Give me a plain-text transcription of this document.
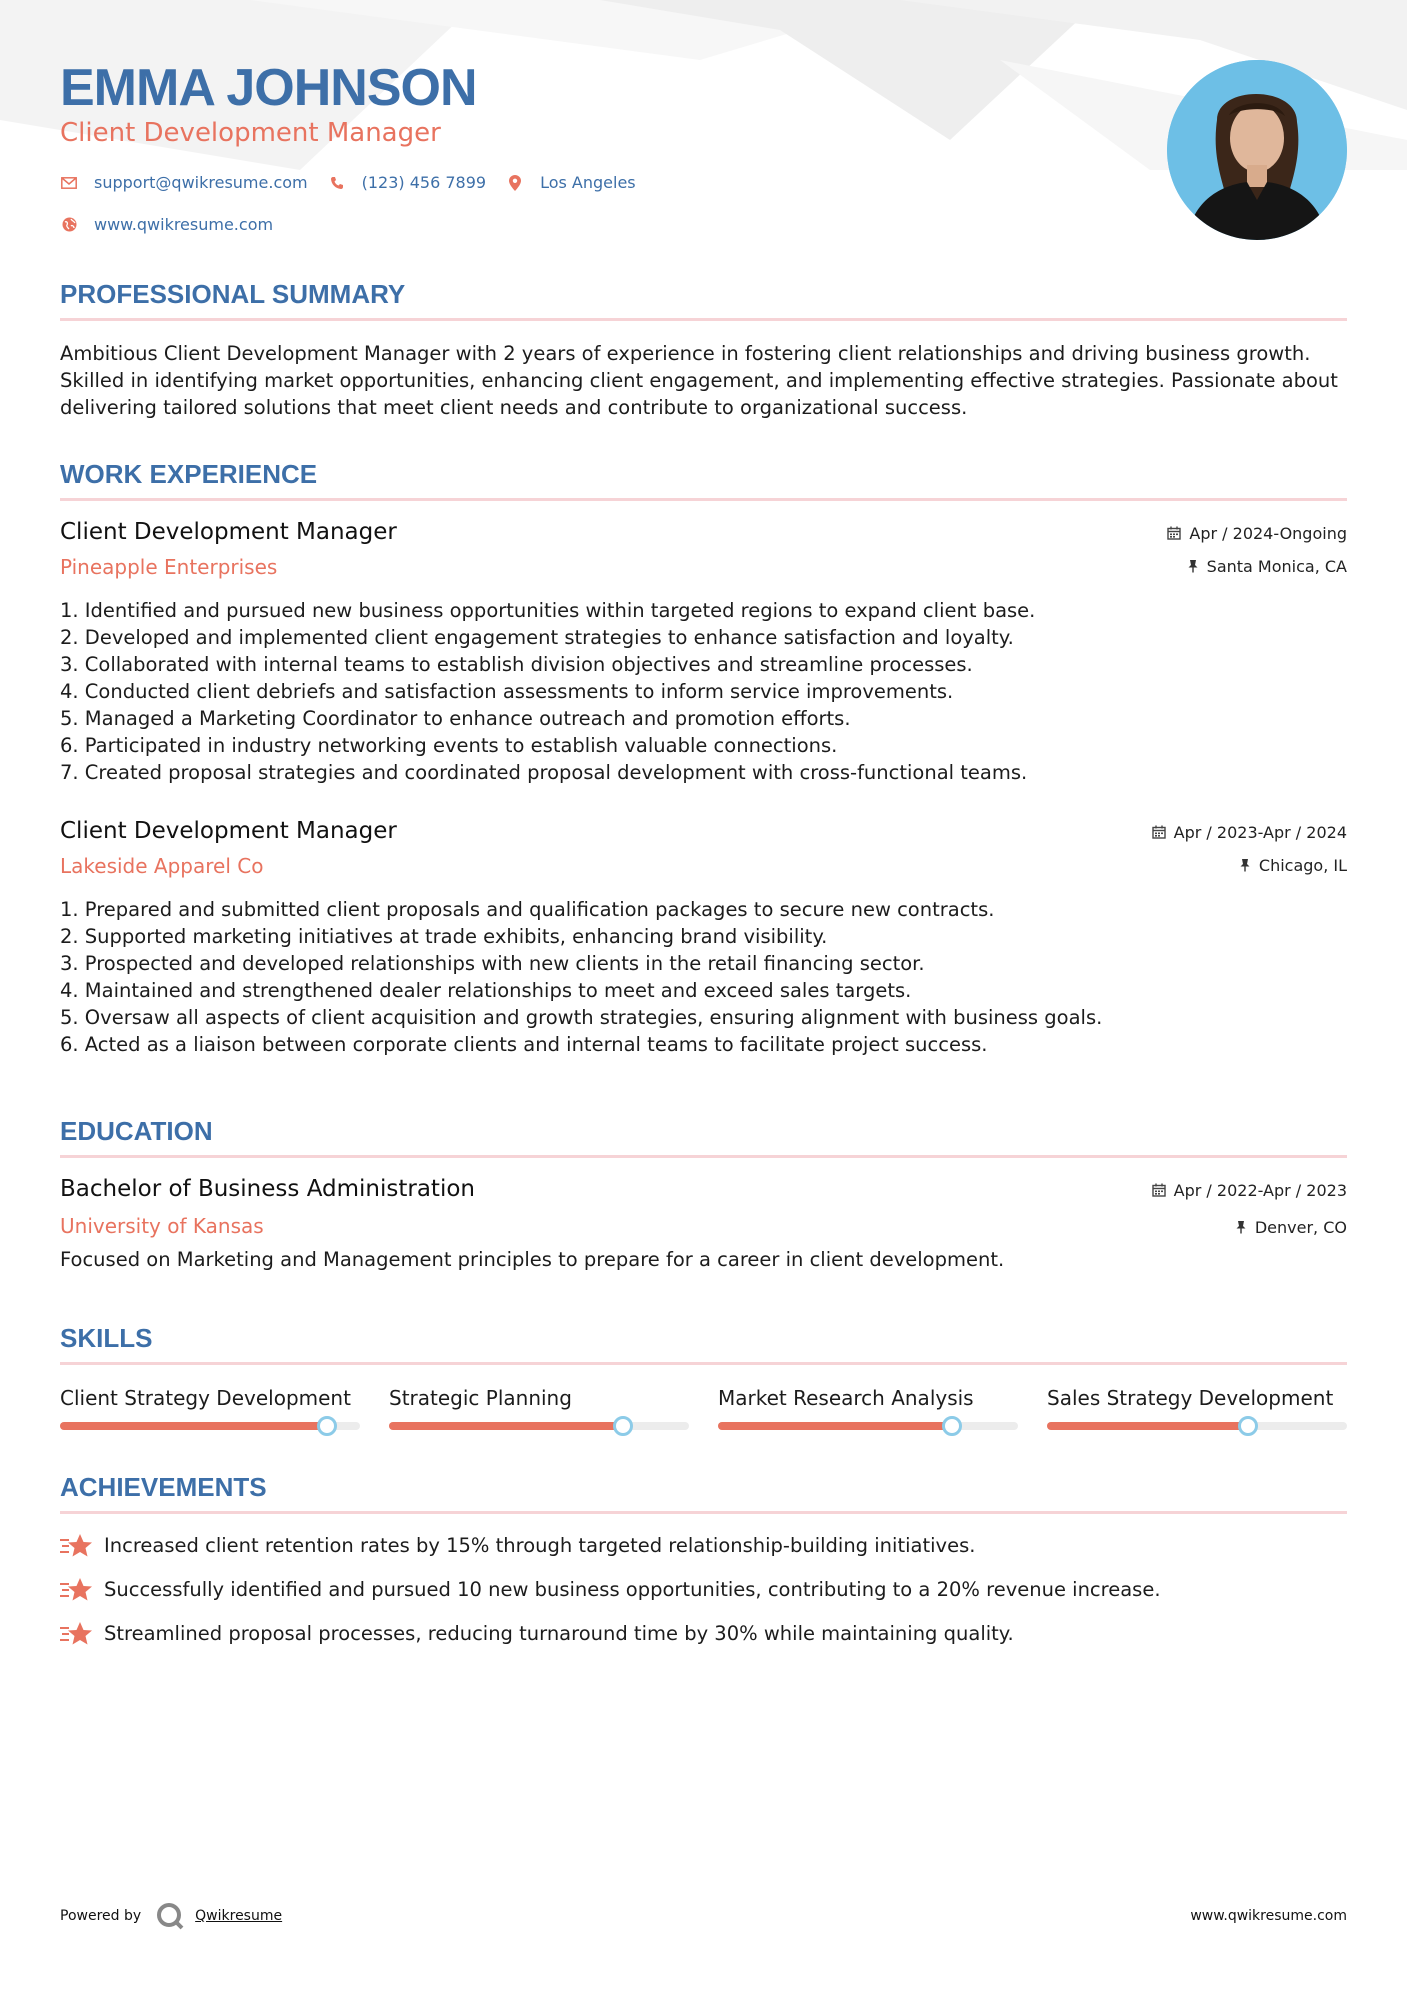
EMMA JOHNSON
Client Development Manager
support@qwikresume.com	(123) 456 7899	Los Angeles
www.qwikresume.com
PROFESSIONAL SUMMARY

Ambitious Client Development Manager with 2 years of experience in fostering client relationships and driving business growth. Skilled in identifying market opportunities, enhancing client engagement, and implementing effective strategies. Passionate about delivering tailored solutions that meet client needs and contribute to organizational success.

WORK EXPERIENCE
Apr / 2024-Ongoing
Santa Monica, CA
Client Development Manager
Pineapple Enterprises
1. Identified and pursued new business opportunities within targeted regions to expand client base.
2. Developed and implemented client engagement strategies to enhance satisfaction and loyalty.
3. Collaborated with internal teams to establish division objectives and streamline processes.
4. Conducted client debriefs and satisfaction assessments to inform service improvements.
5. Managed a Marketing Coordinator to enhance outreach and promotion efforts.
6. Participated in industry networking events to establish valuable connections.
7. Created proposal strategies and coordinated proposal development with cross-functional teams.
Apr / 2023-Apr / 2024
Chicago, IL
Client Development Manager
Lakeside Apparel Co
1. Prepared and submitted client proposals and qualification packages to secure new contracts.
2. Supported marketing initiatives at trade exhibits, enhancing brand visibility.
3. Prospected and developed relationships with new clients in the retail financing sector.
4. Maintained and strengthened dealer relationships to meet and exceed sales targets.
5. Oversaw all aspects of client acquisition and growth strategies, ensuring alignment with business goals.
6. Acted as a liaison between corporate clients and internal teams to facilitate project success.
EDUCATION
Apr / 2022-Apr / 2023
Denver, CO
Bachelor of Business Administration
University of Kansas

Focused on Marketing and Management principles to prepare for a career in client development.

SKILLS
Client Strategy Development	Strategic Planning	Market Research Analysis	Sales Strategy Development
ACHIEVEMENTS
Increased client retention rates by 15% through targeted relationship-building initiatives.
Successfully identified and pursued 10 new business opportunities, contributing to a 20% revenue increase.
Streamlined proposal processes, reducing turnaround time by 30% while maintaining quality.
Powered by	Qwikresume	www.qwikresume.com
